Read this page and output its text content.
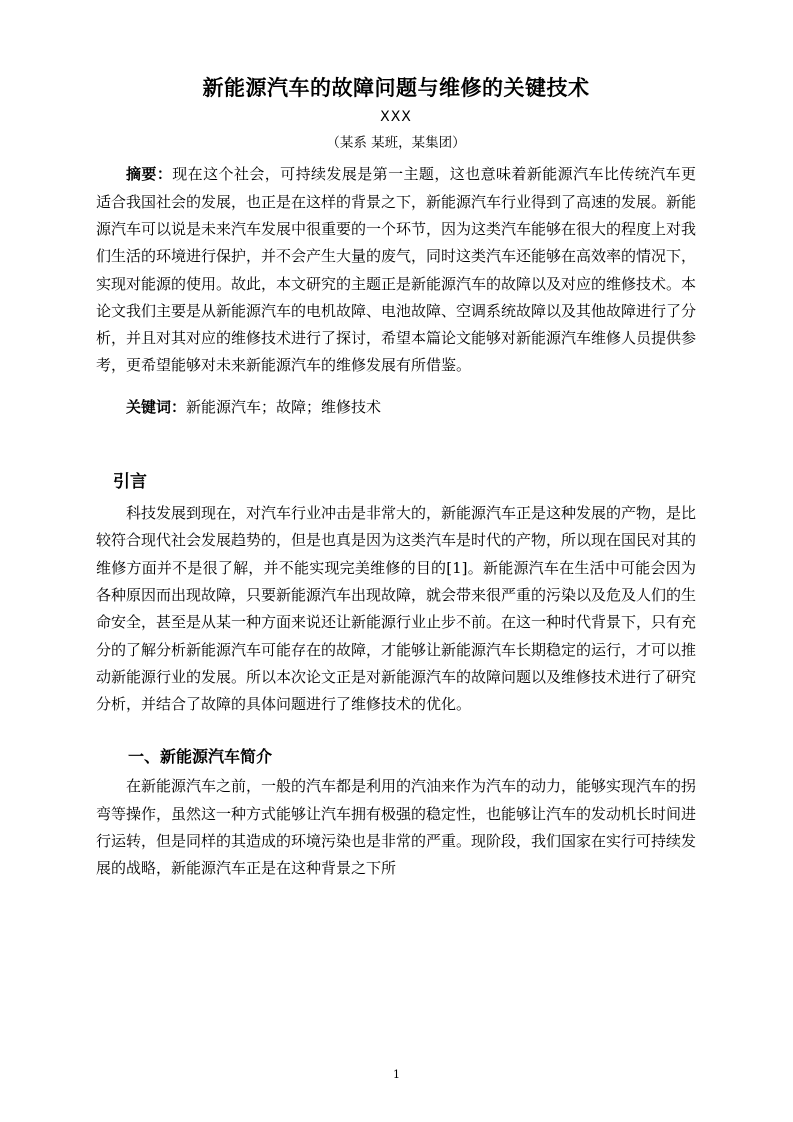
新能源汽车的故障问题与维修的关键技术
XXX
（某系 某班，某集团）

摘要：现在这个社会，可持续发展是第一主题，这也意味着新能源汽车比传统汽车更适合我国社会的发展，也正是在这样的背景之下，新能源汽车行业得到了高速的发展。新能源汽车可以说是未来汽车发展中很重要的一个环节，因为这类汽车能够在很大的程度上对我们生活的环境进行保护，并不会产生大量的废气，同时这类汽车还能够在高效率的情况下，实现对能源的使用。故此，本文研究的主题正是新能源汽车的故障以及对应的维修技术。本论文我们主要是从新能源汽车的电机故障、电池故障、空调系统故障以及其他故障进行了分析，并且对其对应的维修技术进行了探讨，希望本篇论文能够对新能源汽车维修人员提供参考，更希望能够对未来新能源汽车的维修发展有所借鉴。

关键词：新能源汽车；故障；维修技术

引言

科技发展到现在，对汽车行业冲击是非常大的，新能源汽车正是这种发展的产物，是比较符合现代社会发展趋势的，但是也真是因为这类汽车是时代的产物，所以现在国民对其的维修方面并不是很了解，并不能实现完美维修的目的[1]。新能源汽车在生活中可能会因为各种原因而出现故障，只要新能源汽车出现故障，就会带来很严重的污染以及危及人们的生命安全，甚至是从某一种方面来说还让新能源行业止步不前。在这一种时代背景下，只有充分的了解分析新能源汽车可能存在的故障，才能够让新能源汽车长期稳定的运行，才可以推动新能源行业的发展。所以本次论文正是对新能源汽车的故障问题以及维修技术进行了研究分析，并结合了故障的具体问题进行了维修技术的优化。

一、新能源汽车简介

在新能源汽车之前，一般的汽车都是利用的汽油来作为汽车的动力，能够实现汽车的拐弯等操作，虽然这一种方式能够让汽车拥有极强的稳定性，也能够让汽车的发动机长时间进行运转，但是同样的其造成的环境污染也是非常的严重。现阶段，我们国家在实行可持续发展的战略，新能源汽车正是在这种背景之下所

1
